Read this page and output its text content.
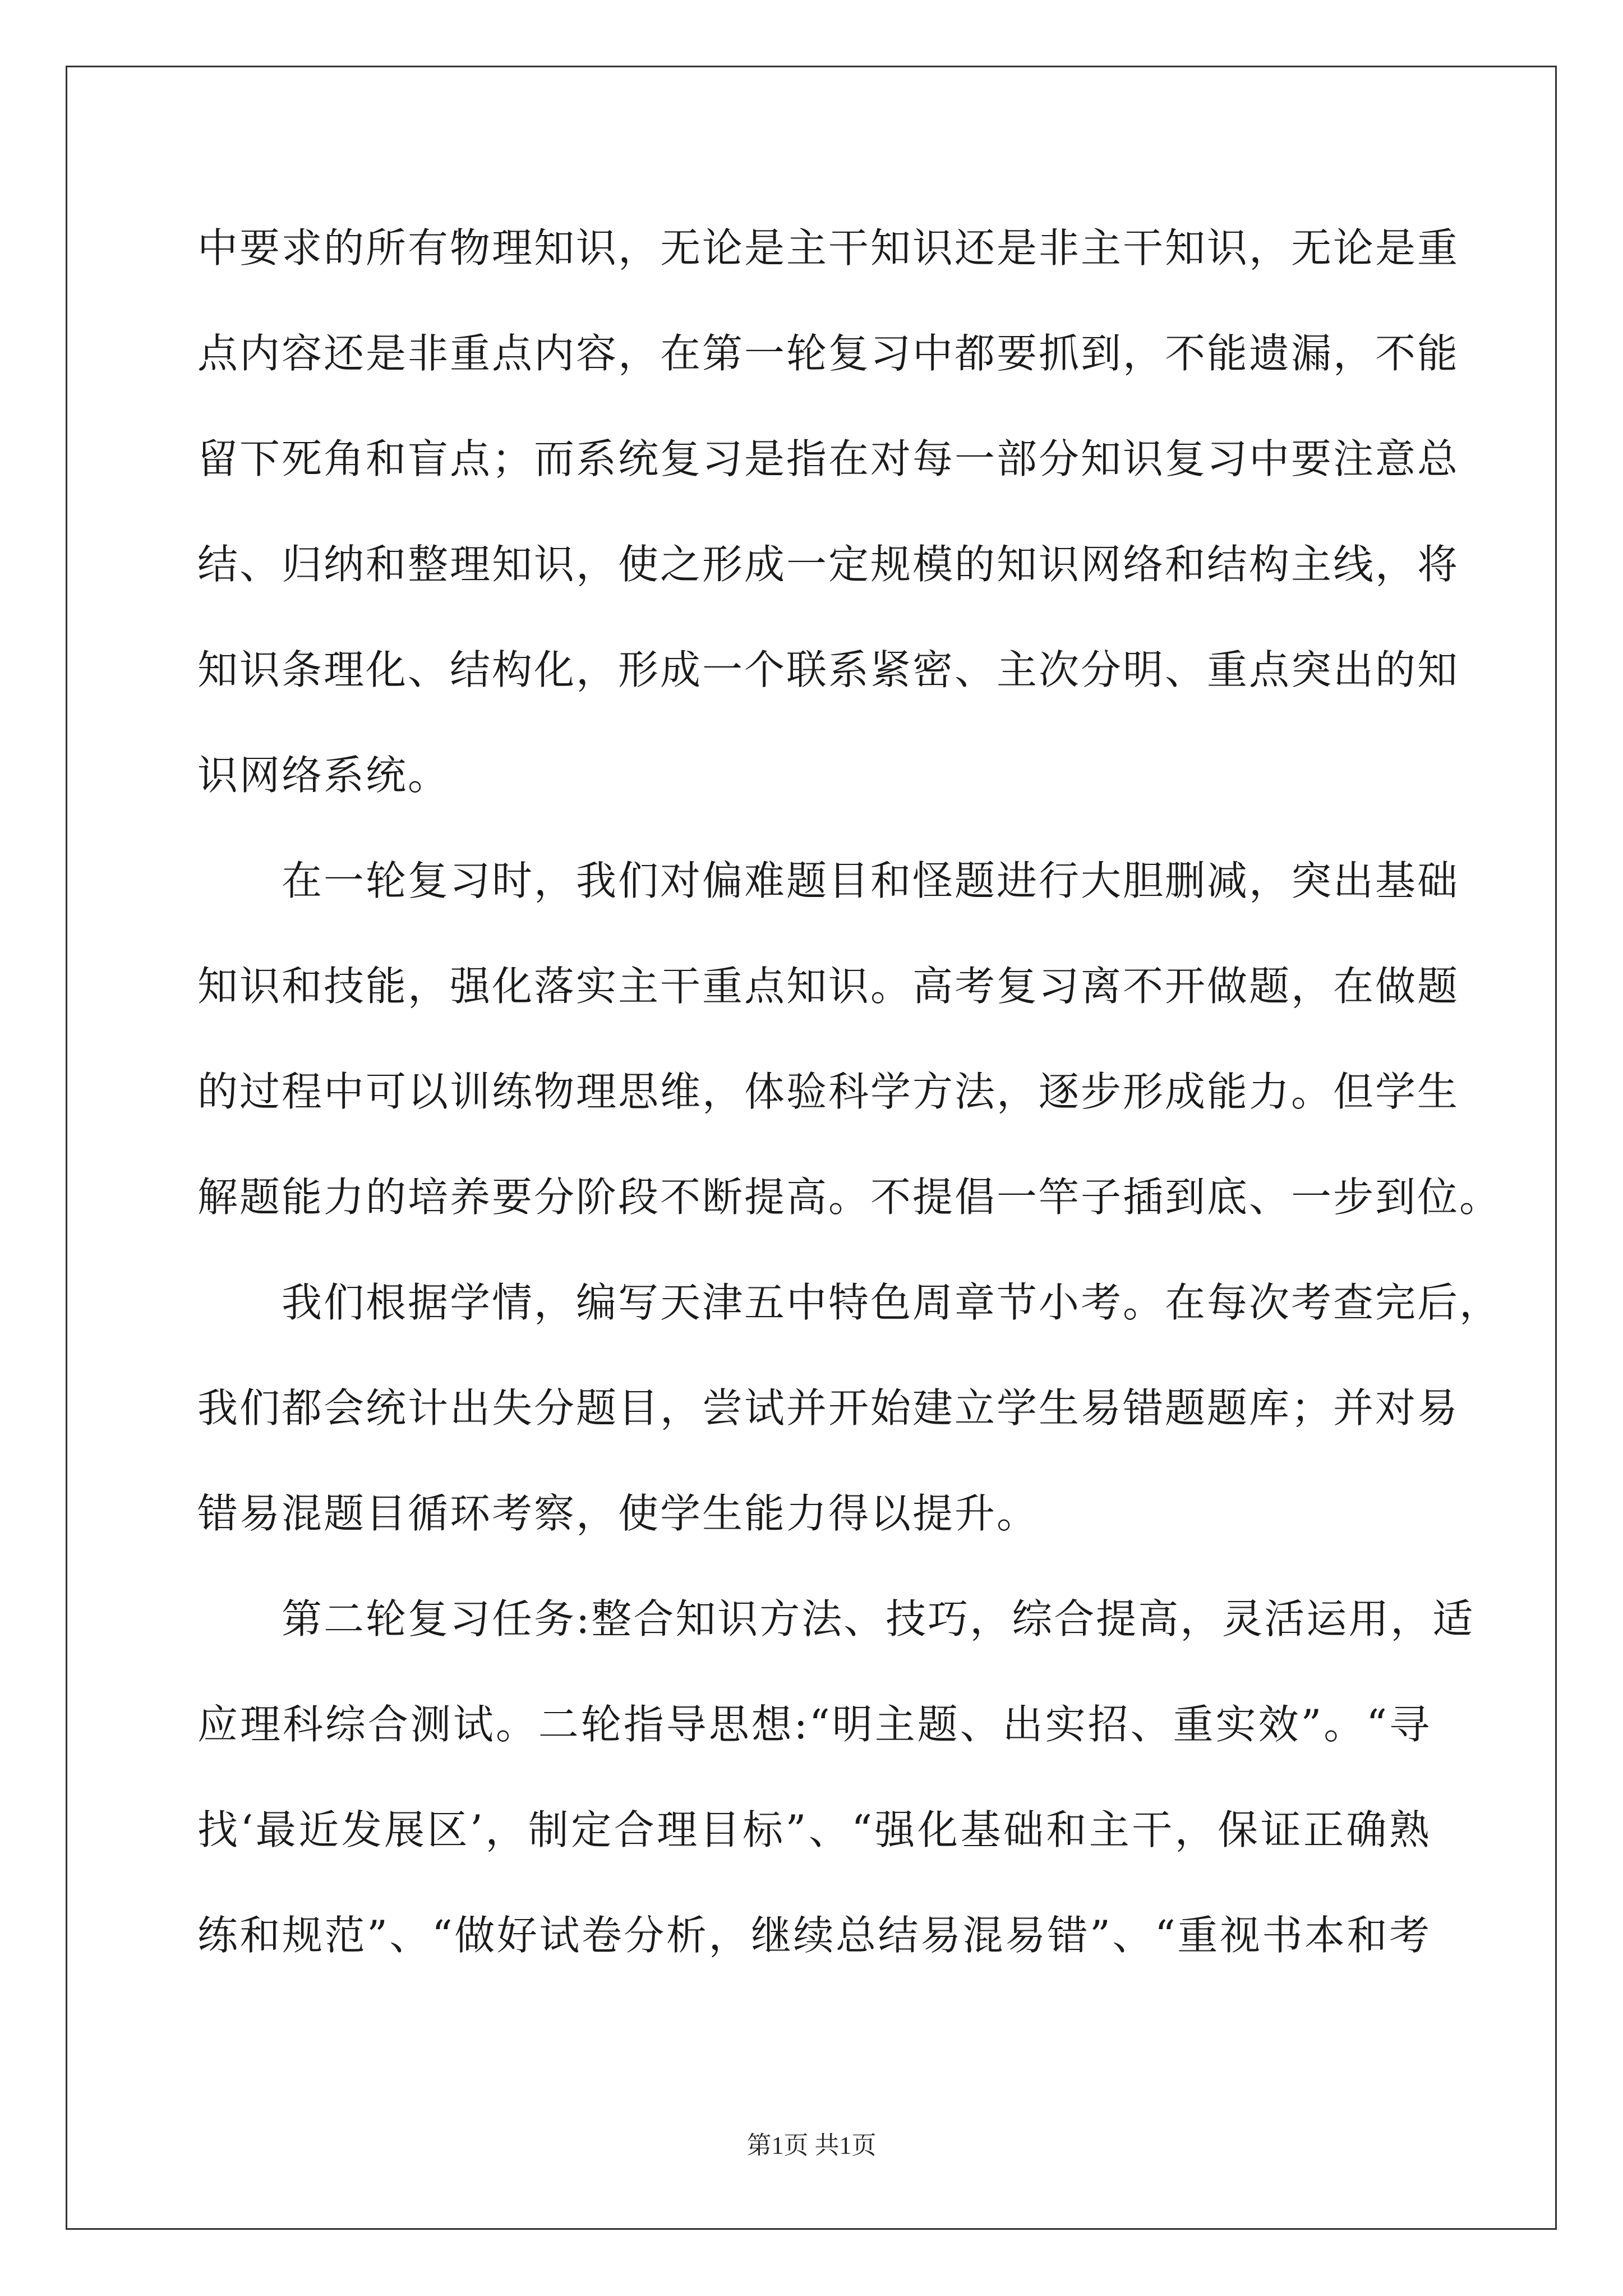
中要求的所有物理知识，无论是主干知识还是非主干知识，无论是重
点内容还是非重点内容，在第一轮复习中都要抓到，不能遗漏，不能
留下死角和盲点；而系统复习是指在对每一部分知识复习中要注意总
结、归纳和整理知识，使之形成一定规模的知识网络和结构主线，将
知识条理化、结构化，形成一个联系紧密、主次分明、重点突出的知
识网络系统。

在一轮复习时，我们对偏难题目和怪题进行大胆删减，突出基础
知识和技能，强化落实主干重点知识。高考复习离不开做题，在做题
的过程中可以训练物理思维，体验科学方法，逐步形成能力。但学生
解题能力的培养要分阶段不断提高。不提倡一竿子插到底、一步到位。

我们根据学情，编写天津五中特色周章节小考。在每次考查完后，
我们都会统计出失分题目，尝试并开始建立学生易错题题库；并对易
错易混题目循环考察，使学生能力得以提升。

第二轮复习任务:整合知识方法、技巧，综合提高，灵活运用，适
应理科综合测试。二轮指导思想:“明主题、出实招、重实效”。“寻
找‘最近发展区’，制定合理目标”、“强化基础和主干，保证正确熟
练和规范”、“做好试卷分析，继续总结易混易错”、“重视书本和考

第1页 共1页
